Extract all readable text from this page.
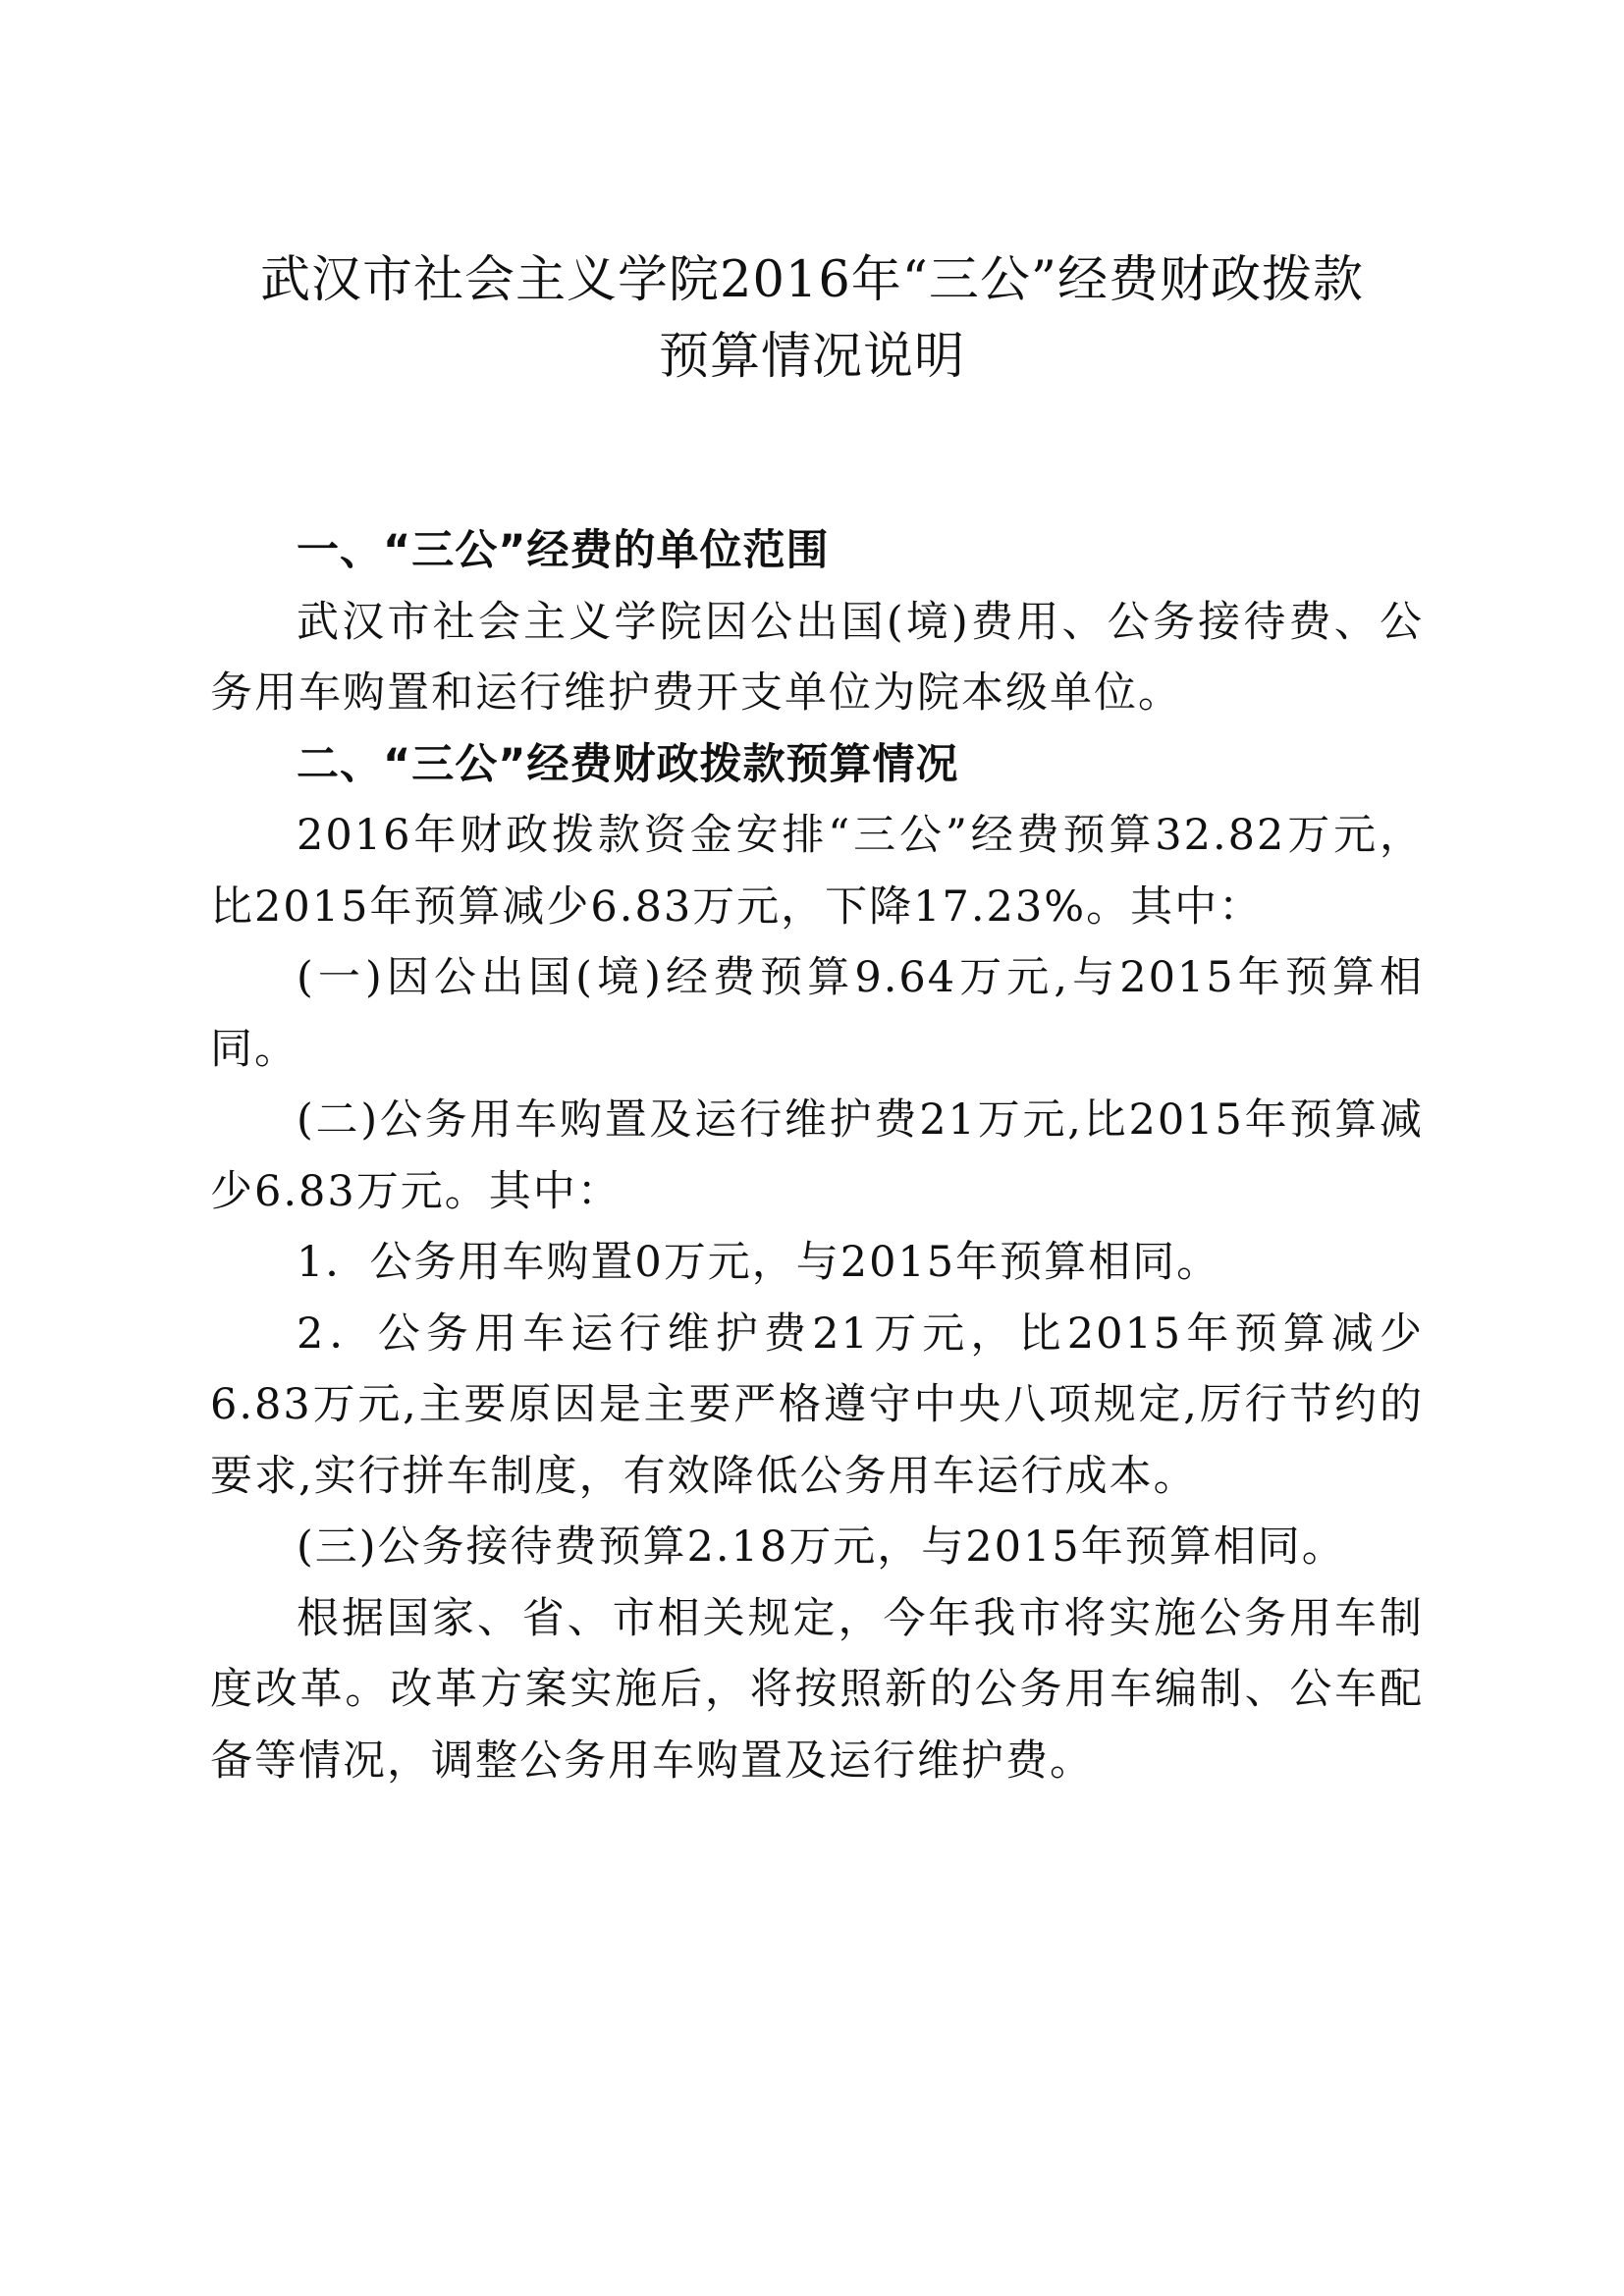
武汉市社会主义学院2016年“三公”经费财政拨款
预算情况说明

一、“三公”经费的单位范围

武汉市社会主义学院因公出国(境)费用、公务接待费、公务用车购置和运行维护费开支单位为院本级单位。

二、“三公”经费财政拨款预算情况

2016年财政拨款资金安排“三公”经费预算32.82万元，比2015年预算减少6.83万元，下降17.23%。其中：

(一)因公出国(境)经费预算9.64万元,与2015年预算相同。

(二)公务用车购置及运行维护费21万元,比2015年预算减少6.83万元。其中：

1．公务用车购置0万元，与2015年预算相同。

2．公务用车运行维护费21万元，比2015年预算减少6.83万元,主要原因是主要严格遵守中央八项规定,厉行节约的要求,实行拼车制度，有效降低公务用车运行成本。

(三)公务接待费预算2.18万元，与2015年预算相同。

根据国家、省、市相关规定，今年我市将实施公务用车制度改革。改革方案实施后，将按照新的公务用车编制、公车配备等情况，调整公务用车购置及运行维护费。
